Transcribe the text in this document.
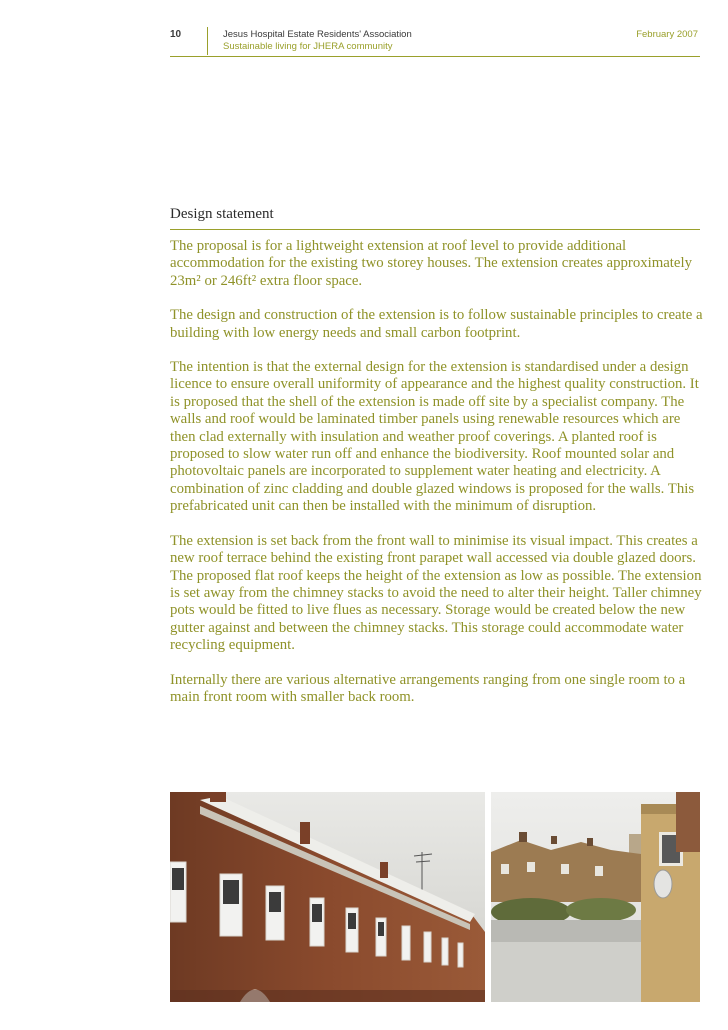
10	Jesus Hospital Estate Residents' Association
Sustainable living for JHERA community
February 2007
Design statement

The proposal is for a lightweight extension at roof level to provide additional accommodation for the existing two storey houses. The extension creates approximately 23m² or 246ft² extra floor space.

The design and construction of the extension is to follow sustainable principles to create a building with low energy needs and small carbon footprint.

The intention is that the external design for the extension is standardised under a design licence to ensure overall uniformity of appearance and the highest quality construction. It is proposed that the shell of the extension is made off site by a specialist company. The walls and roof would be laminated timber panels using renewable resources which are then clad externally with insulation and weather proof coverings. A planted roof is proposed to slow water run off and enhance the biodiversity. Roof mounted solar and photovoltaic panels are incorporated to supplement water heating and electricity. A combination of zinc cladding and double glazed windows is proposed for the walls. This prefabricated unit can then be installed with the minimum of disruption.

The extension is set back from the front wall to minimise its visual impact. This creates a new roof terrace behind the existing front parapet wall accessed via double glazed doors. The proposed flat roof keeps the height of the extension as low as possible. The extension is set away from the chimney stacks to avoid the need to alter their height. Taller chimney pots would be fitted to live flues as necessary. Storage would be created below the new gutter against and between the chimney stacks. This storage could accommodate water recycling equipment.

Internally there are various alternative arrangements ranging from one single room to a main front room with smaller back room.
